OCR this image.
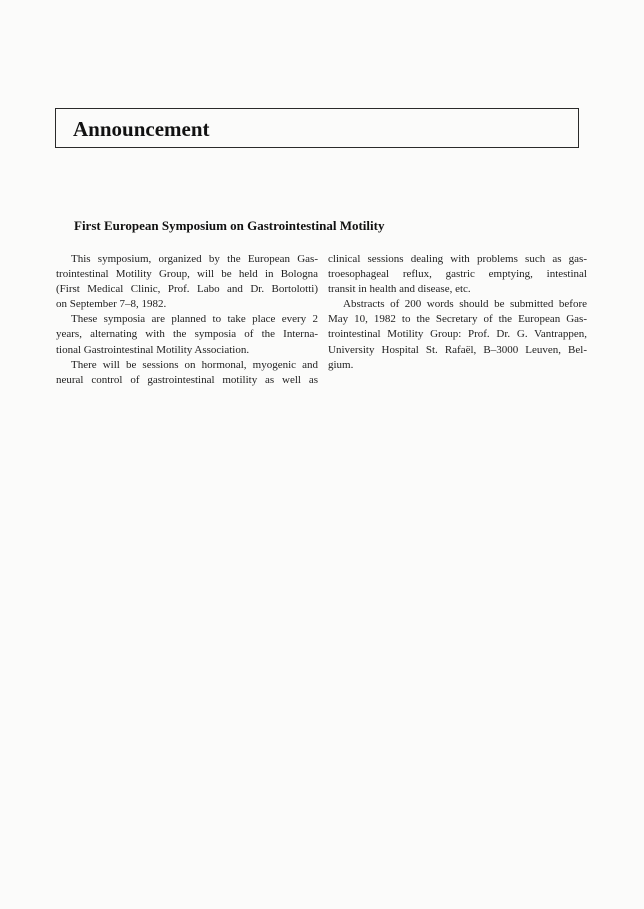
Announcement
First European Symposium on Gastrointestinal Motility
This symposium, organized by the European Gas-
trointestinal Motility Group, will be held in Bologna
(First Medical Clinic, Prof. Labo and Dr. Bortolotti)
on September 7–8, 1982.
These symposia are planned to take place every 2
years, alternating with the symposia of the Interna-
tional Gastrointestinal Motility Association.
There will be sessions on hormonal, myogenic and
neural control of gastrointestinal motility as well as
clinical sessions dealing with problems such as gas-
troesophageal reflux, gastric emptying, intestinal
transit in health and disease, etc.
Abstracts of 200 words should be submitted before
May 10, 1982 to the Secretary of the European Gas-
trointestinal Motility Group: Prof. Dr. G. Vantrappen,
University Hospital St. Rafaël, B–3000 Leuven, Bel-
gium.
